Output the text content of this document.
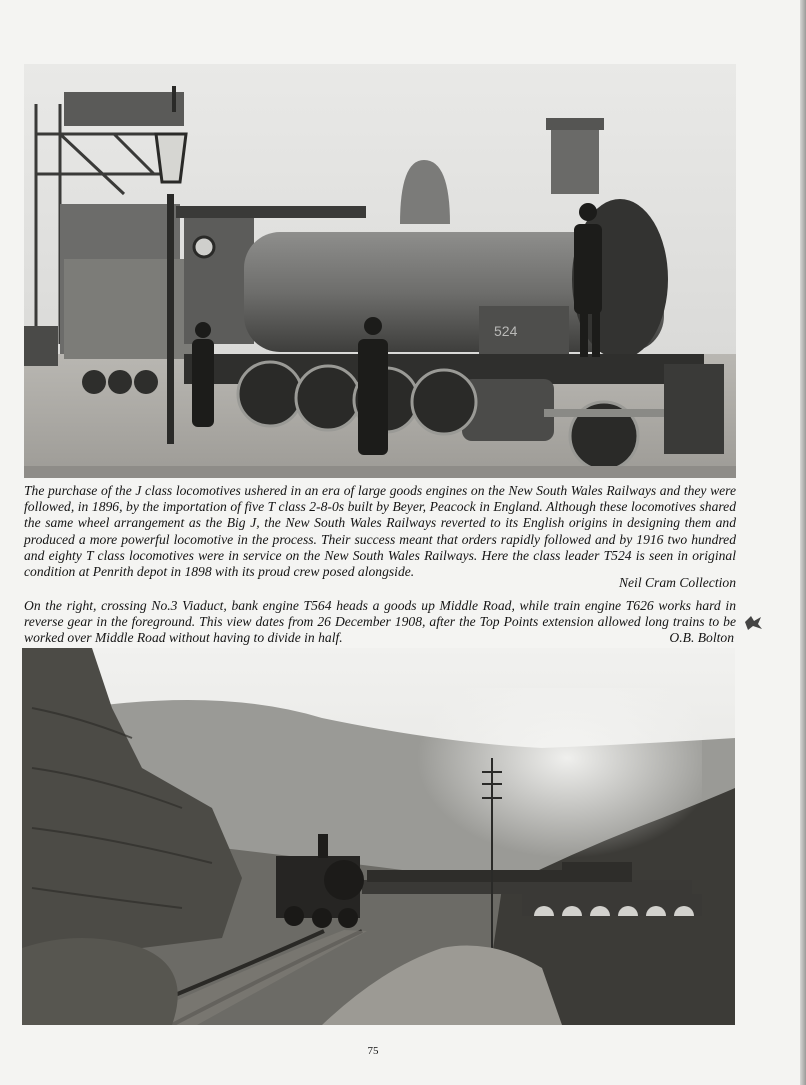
524

The purchase of the J class locomotives ushered in an era of large goods engines on the New South Wales Railways and they were followed, in 1896, by the importation of five T class 2-8-0s built by Beyer, Peacock in England. Although these locomotives shared the same wheel arrangement as the Big J, the New South Wales Railways reverted to its English origins in designing them and produced a more powerful locomotive in the process. Their success meant that orders rapidly followed and by 1916 two hundred and eighty T class locomotives were in service on the New South Wales Railways. Here the class leader T524 is seen in original condition at Penrith depot in 1898 with its proud crew posed alongside.

Neil Cram Collection

On the right, crossing No.3 Viaduct, bank engine T564 heads a goods up Middle Road, while train engine T626 works hard in reverse gear in the foreground. This view dates from 26 December 1908, after the Top Points extension allowed long trains to be worked over Middle Road without having to divide in half.	O.B. Bolton
75
